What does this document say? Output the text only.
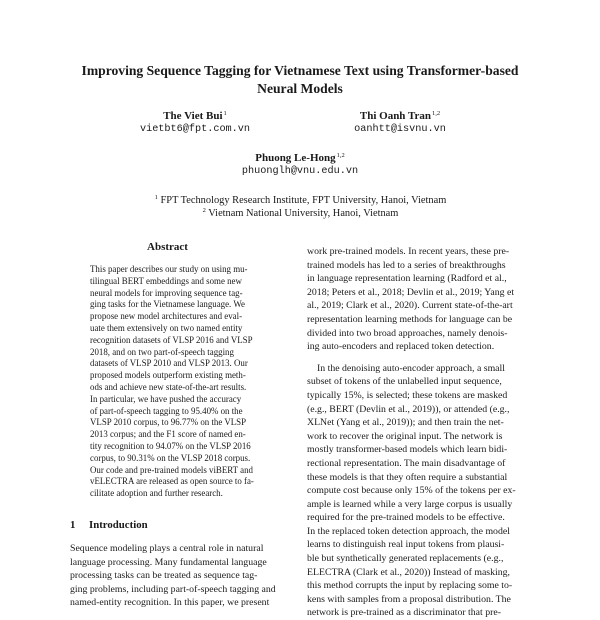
Improving Sequence Tagging for Vietnamese Text using Transformer-based
Neural Models
The Viet Bui$^1$
vietbt6@fpt.com.vn
Thi Oanh Tran$^{1,2}$
oanhtt@isvnu.vn
Phuong Le-Hong$^{1,2}$
phuonglh@vnu.edu.vn
$^1$ FPT Technology Research Institute, FPT University, Hanoi, Vietnam
$^2$ Vietnam National University, Hanoi, Vietnam
Abstract
This paper describes our study on using mu-
tilingual BERT embeddings and some new
neural models for improving sequence tag-
ging tasks for the Vietnamese language. We
propose new model architectures and eval-
uate them extensively on two named entity
recognition datasets of VLSP 2016 and VLSP
2018, and on two part-of-speech tagging
datasets of VLSP 2010 and VLSP 2013. Our
proposed models outperform existing meth-
ods and achieve new state-of-the-art results.
In particular, we have pushed the accuracy
of part-of-speech tagging to 95.40% on the
VLSP 2010 corpus, to 96.77% on the VLSP
2013 corpus; and the F1 score of named en-
tity recognition to 94.07% on the VLSP 2016
corpus, to 90.31% on the VLSP 2018 corpus.
Our code and pre-trained models viBERT and
vELECTRA are released as open source to fa-
cilitate adoption and further research.
1 Introduction
Sequence modeling plays a central role in natural
language processing. Many fundamental language
processing tasks can be treated as sequence tag-
ging problems, including part-of-speech tagging and
named-entity recognition. In this paper, we present
work pre-trained models. In recent years, these pre-
trained models has led to a series of breakthroughs
in language representation learning (Radford et al.,
2018; Peters et al., 2018; Devlin et al., 2019; Yang et
al., 2019; Clark et al., 2020). Current state-of-the-art
representation learning methods for language can be
divided into two broad approaches, namely denois-
ing auto-encoders and replaced token detection.
In the denoising auto-encoder approach, a small
subset of tokens of the unlabelled input sequence,
typically 15%, is selected; these tokens are masked
(e.g., BERT (Devlin et al., 2019)), or attended (e.g.,
XLNet (Yang et al., 2019)); and then train the net-
work to recover the original input. The network is
mostly transformer-based models which learn bidi-
rectional representation. The main disadvantage of
these models is that they often require a substantial
compute cost because only 15% of the tokens per ex-
ample is learned while a very large corpus is usually
required for the pre-trained models to be effective.
In the replaced token detection approach, the model
learns to distinguish real input tokens from plausi-
ble but synthetically generated replacements (e.g.,
ELECTRA (Clark et al., 2020)) Instead of masking,
this method corrupts the input by replacing some to-
kens with samples from a proposal distribution. The
network is pre-trained as a discriminator that pre-
